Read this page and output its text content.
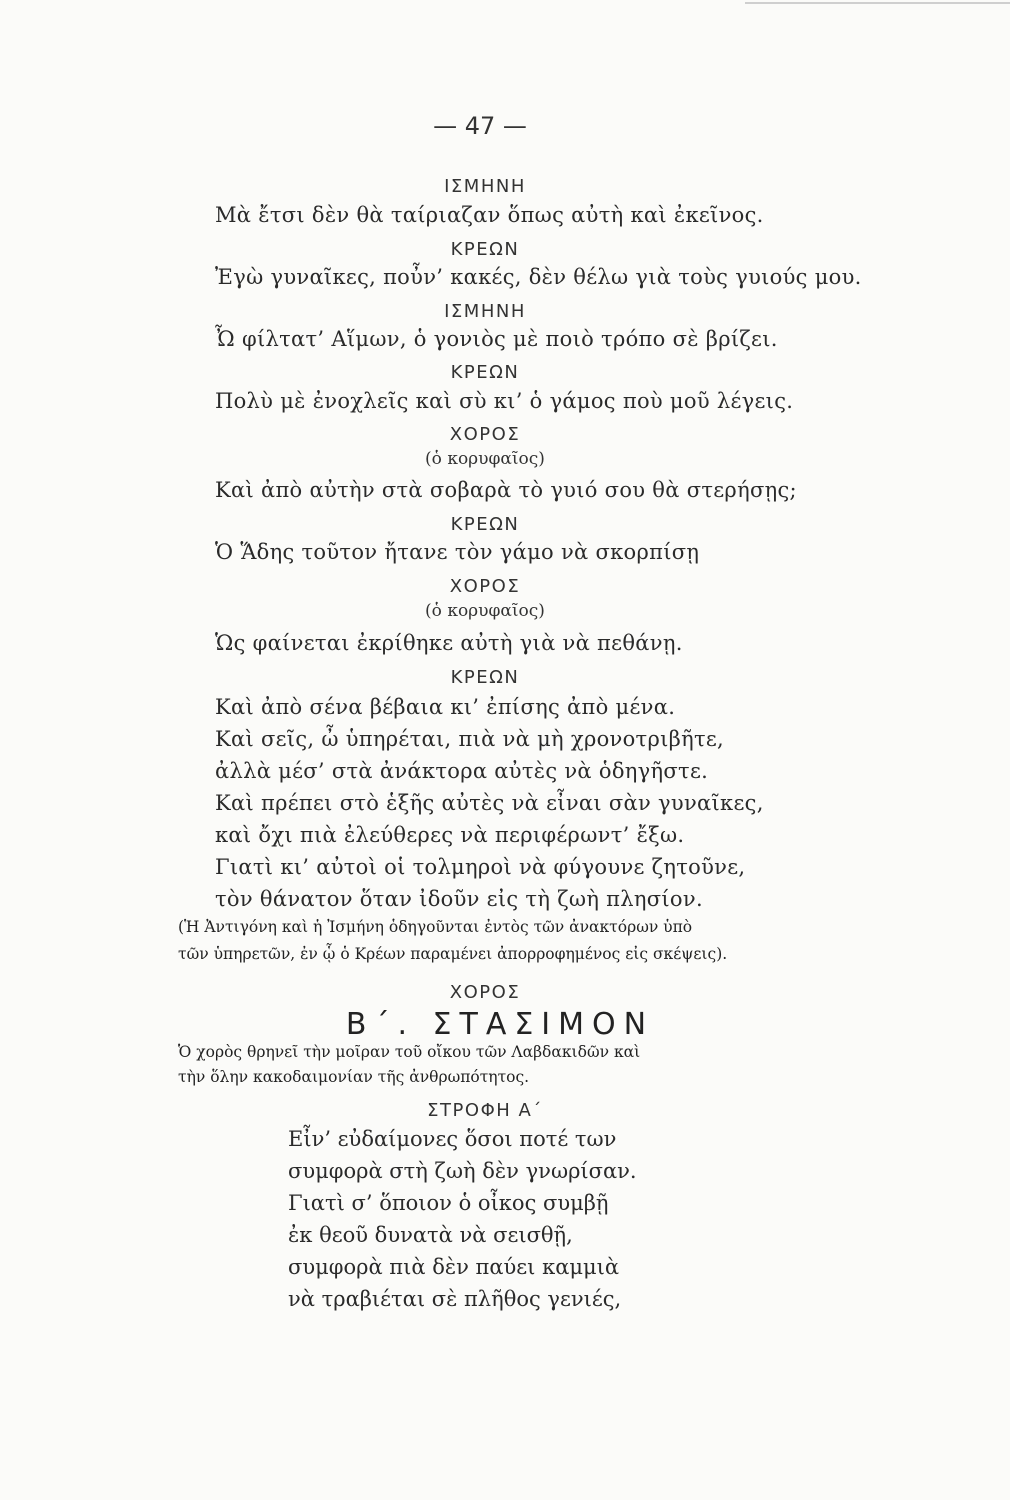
— 47 —
ΙΣΜΗΝΗ
Μὰ ἔτσι δὲν θὰ ταίριαζαν ὅπως αὐτὴ καὶ ἐκεῖνος.
ΚΡΕΩΝ
Ἐγὼ γυναῖκες, ποὖν’ κακές, δὲν θέλω γιὰ τοὺς γυιούς μου.
ΙΣΜΗΝΗ
Ὦ φίλτατ’ Αἵμων, ὁ γονιὸς μὲ ποιὸ τρόπο σὲ βρίζει.
ΚΡΕΩΝ
Πολὺ μὲ ἐνοχλεῖς καὶ σὺ κι’ ὁ γάμος ποὺ μοῦ λέγεις.
ΧΟΡΟΣ
(ὁ κορυφαῖος)
Καὶ ἀπὸ αὐτὴν στὰ σοβαρὰ τὸ γυιό σου θὰ στερήσῃς;
ΚΡΕΩΝ
Ὁ Ἅδης τοῦτον ἤτανε τὸν γάμο νὰ σκορπίσῃ
ΧΟΡΟΣ
(ὁ κορυφαῖος)
Ὡς φαίνεται ἐκρίθηκε αὐτὴ γιὰ νὰ πεθάνῃ.
ΚΡΕΩΝ
Καὶ ἀπὸ σένα βέβαια κι’ ἐπίσης ἀπὸ μένα.
Καὶ σεῖς, ὦ ὑπηρέται, πιὰ νὰ μὴ χρονοτριβῆτε,
ἀλλὰ μέσ’ στὰ ἀνάκτορα αὐτὲς νὰ ὁδηγῆστε.
Καὶ πρέπει στὸ ἑξῆς αὐτὲς νὰ εἶναι σὰν γυναῖκες,
καὶ ὄχι πιὰ ἐλεύθερες νὰ περιφέρωντ’ ἔξω.
Γιατὶ κι’ αὐτοὶ οἱ τολμηροὶ νὰ φύγουνε ζητοῦνε,
τὸν θάνατον ὅταν ἰδοῦν εἰς τὴ ζωὴ πλησίον.
(Ἡ Ἀντιγόνη καὶ ἡ Ἰσμήνη ὁδηγοῦνται ἐντὸς τῶν ἀνακτόρων ὑπὸ
τῶν ὑπηρετῶν, ἐν ᾧ ὁ Κρέων παραμένει ἀπορροφημένος εἰς σκέψεις).
ΧΟΡΟΣ
Β΄. ΣΤΑΣΙΜΟΝ
Ὁ χορὸς θρηνεῖ τὴν μοῖραν τοῦ οἴκου τῶν Λαβδακιδῶν καὶ
τὴν ὅλην κακοδαιμονίαν τῆς ἀνθρωπότητος.
ΣΤΡΟΦΗ Α΄
Εἶν’ εὐδαίμονες ὅσοι ποτέ των
συμφορὰ στὴ ζωὴ δὲν γνωρίσαν.
Γιατὶ σ’ ὅποιον ὁ οἶκος συμβῇ
ἐκ θεοῦ δυνατὰ νὰ σεισθῇ,
συμφορὰ πιὰ δὲν παύει καμμιὰ
νὰ τραβιέται σὲ πλῆθος γενιές,
